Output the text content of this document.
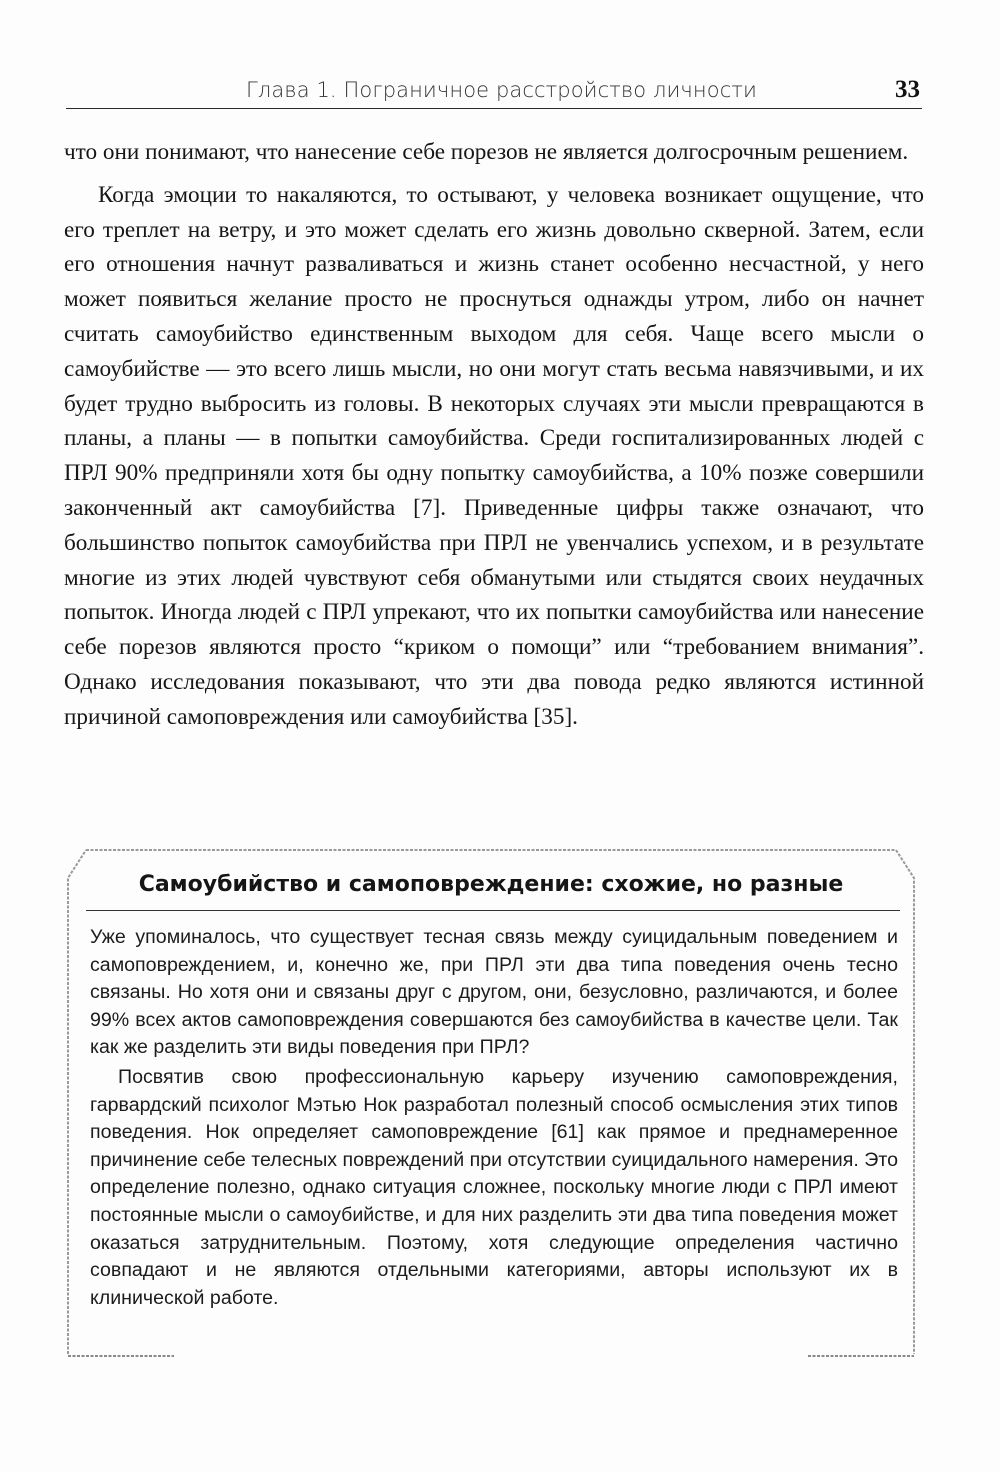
Глава 1. Пограничное расстройство личности	33

что они понимают, что нанесение себе порезов не является долгосрочным решением.

Когда эмоции то накаляются, то остывают, у человека возникает ощущение, что его треплет на ветру, и это может сделать его жизнь довольно скверной. Затем, если его отношения начнут разваливаться и жизнь станет особенно несчастной, у него может появиться желание просто не проснуться однажды утром, либо он начнет считать самоубийство единственным выходом для себя. Чаще всего мысли о самоубийстве — это всего лишь мысли, но они могут стать весьма навязчивыми, и их будет трудно выбросить из головы. В некоторых случаях эти мысли превращаются в планы, а планы — в попытки самоубийства. Среди госпитализированных людей с ПРЛ 90% предприняли хотя бы одну попытку самоубийства, а 10% позже совершили законченный акт самоубийства [7]. Приведенные цифры также означают, что большинство попыток самоубийства при ПРЛ не увенчались успехом, и в результате многие из этих людей чувствуют себя обманутыми или стыдятся своих неудачных попыток. Иногда людей с ПРЛ упрекают, что их попытки самоубийства или нанесение себе порезов являются просто “криком о помощи” или “требованием внимания”. Однако исследования показывают, что эти два повода редко являются истинной причиной самоповреждения или самоубийства [35].

Самоубийство и самоповреждение: схожие, но разные

Уже упоминалось, что существует тесная связь между суицидальным поведением и самоповреждением, и, конечно же, при ПРЛ эти два типа поведения очень тесно связаны. Но хотя они и связаны друг с другом, они, безусловно, различаются, и более 99% всех актов самоповреждения совершаются без самоубийства в качестве цели. Так как же разделить эти виды поведения при ПРЛ?

Посвятив свою профессиональную карьеру изучению самоповреждения, гарвардский психолог Мэтью Нок разработал полезный способ осмысления этих типов поведения. Нок определяет самоповреждение [61] как прямое и преднамеренное причинение себе телесных повреждений при отсутствии суицидального намерения. Это определение полезно, однако ситуация сложнее, поскольку многие люди с ПРЛ имеют постоянные мысли о самоубийстве, и для них разделить эти два типа поведения может оказаться затруднительным. Поэтому, хотя следующие определения частично совпадают и не являются отдельными категориями, авторы используют их в клинической работе.
